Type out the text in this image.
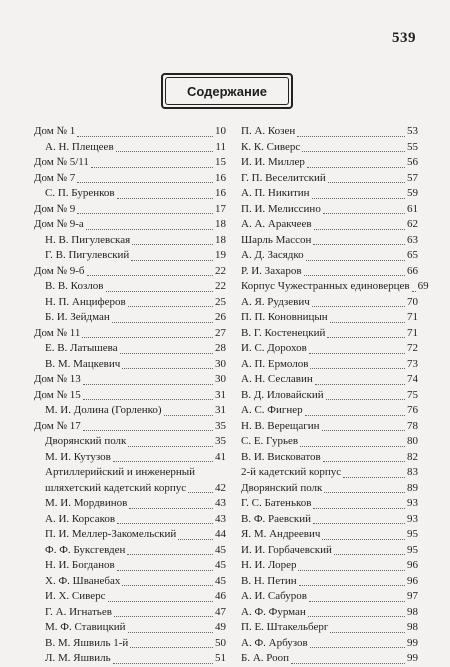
539
Содержание
Дом № 1	10
А. Н. Плещеев	11
Дом № 5/11	15
Дом № 7	16
С. П. Буренков	16
Дом № 9	17
Дом № 9-а	18
Н. В. Пигулевская	18
Г. В. Пигулевский	19
Дом № 9-б	22
В. В. Козлов	22
Н. П. Анциферов	25
Б. И. Зейдман	26
Дом № 11	27
Е. В. Латышева	28
В. М. Мацкевич	30
Дом № 13	30
Дом № 15	31
М. И. Долина (Горленко)	31
Дом № 17	35
Дворянский полк	35
М. И. Кутузов	41
Артиллерийский и инженерный
шляхетский кадетский корпус	42
М. И. Мордвинов	43
А. И. Корсаков	43
П. И. Меллер-Закомельский	44
Ф. Ф. Буксгевден	45
Н. И. Богданов	45
Х. Ф. Шванебах	45
И. Х. Сиверс	46
Г. А. Игнатьев	47
М. Ф. Ставицкий	49
В. М. Яшвиль 1-й	50
Л. М. Яшвиль	51
П. А. Козен	53
К. К. Сиверс	55
И. И. Миллер	56
Г. П. Веселитский	57
А. П. Никитин	59
П. И. Мелиссино	61
А. А. Аракчеев	62
Шарль Массон	63
А. Д. Засядко	65
Р. И. Захаров	66
Корпус Чужестранных единоверцев 69
А. Я. Рудзевич	70
П. П. Коновницын	71
В. Г. Костенецкий	71
И. С. Дорохов	72
А. П. Ермолов	73
А. Н. Сеславин	74
В. Д. Иловайский	75
А. С. Фигнер	76
Н. В. Верещагин	78
С. Е. Гурьев	80
В. И. Висковатов	82
2-й кадетский корпус	83
Дворянский полк	89
Г. С. Батеньков	93
В. Ф. Раевский	93
Я. М. Андреевич	95
И. И. Горбачевский	95
Н. И. Лорер	96
В. Н. Петин	96
А. И. Сабуров	97
А. Ф. Фурман	98
П. Е. Штакельберг	98
А. Ф. Арбузов	99
Б. А. Рооп	99
